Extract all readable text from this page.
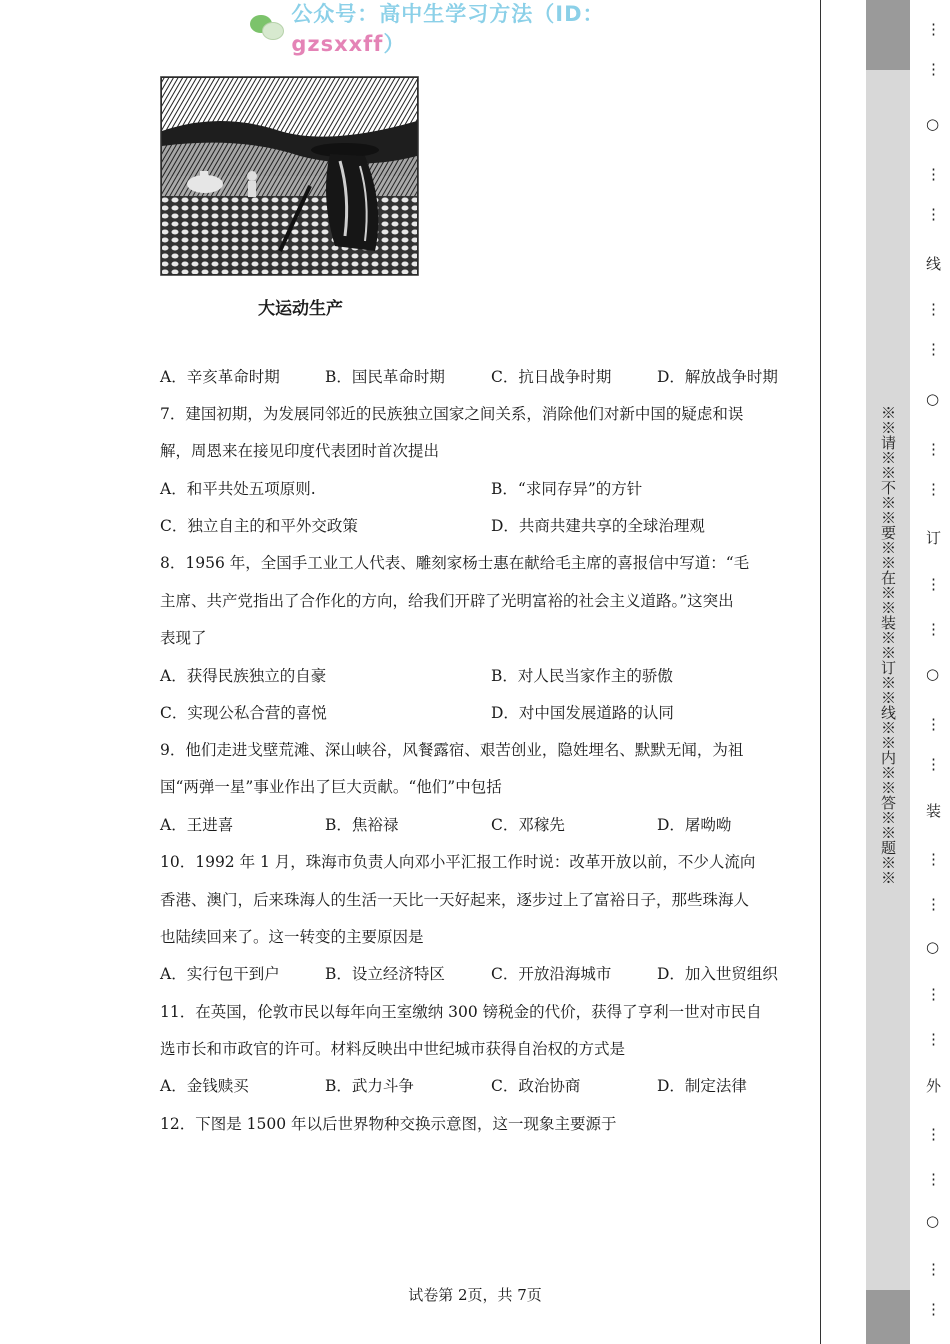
公众号：高中生学习方法（ID：gzsxxff）
大运动生产
A．辛亥革命时期	B．国民革命时期	C．抗日战争时期	D．解放战争时期
7．建国初期，为发展同邻近的民族独立国家之间关系，消除他们对新中国的疑虑和误
解，周恩来在接见印度代表团时首次提出
A．和平共处五项原则.	B．“求同存异”的方针
C．独立自主的和平外交政策	D．共商共建共享的全球治理观
8．1956 年，全国手工业工人代表、雕刻家杨士惠在献给毛主席的喜报信中写道：“毛
主席、共产党指出了合作化的方向，给我们开辟了光明富裕的社会主义道路。”这突出
表现了
A．获得民族独立的自豪	B．对人民当家作主的骄傲
C．实现公私合营的喜悦	D．对中国发展道路的认同
9．他们走进戈壁荒滩、深山峡谷，风餐露宿、艰苦创业，隐姓埋名、默默无闻，为祖
国“两弹一星”事业作出了巨大贡献。“他们”中包括
A．王进喜	B．焦裕禄	C．邓稼先	D．屠呦呦
10．1992 年 1 月，珠海市负责人向邓小平汇报工作时说：改革开放以前，不少人流向
香港、澳门，后来珠海人的生活一天比一天好起来，逐步过上了富裕日子，那些珠海人
也陆续回来了。这一转变的主要原因是
A．实行包干到户	B．设立经济特区	C．开放沿海城市	D．加入世贸组织
11．在英国，伦敦市民以每年向王室缴纳 300 镑税金的代价，获得了亨利一世对市民自
选市长和市政官的许可。材料反映出中世纪城市获得自治权的方式是
A．金钱赎买	B．武力斗争	C．政治协商	D．制定法律
12．下图是 1500 年以后世界物种交换示意图，这一现象主要源于
试卷第 2页，共 7页
※※请※※不※※要※※在※※装※※订※※线※※内※※答※※题※※
⋮
⋮
○
⋮
⋮
线
⋮
⋮
○
⋮
⋮
订
⋮
⋮
○
⋮
⋮
装
⋮
⋮
○
⋮
⋮
外
⋮
⋮
○
⋮
⋮
